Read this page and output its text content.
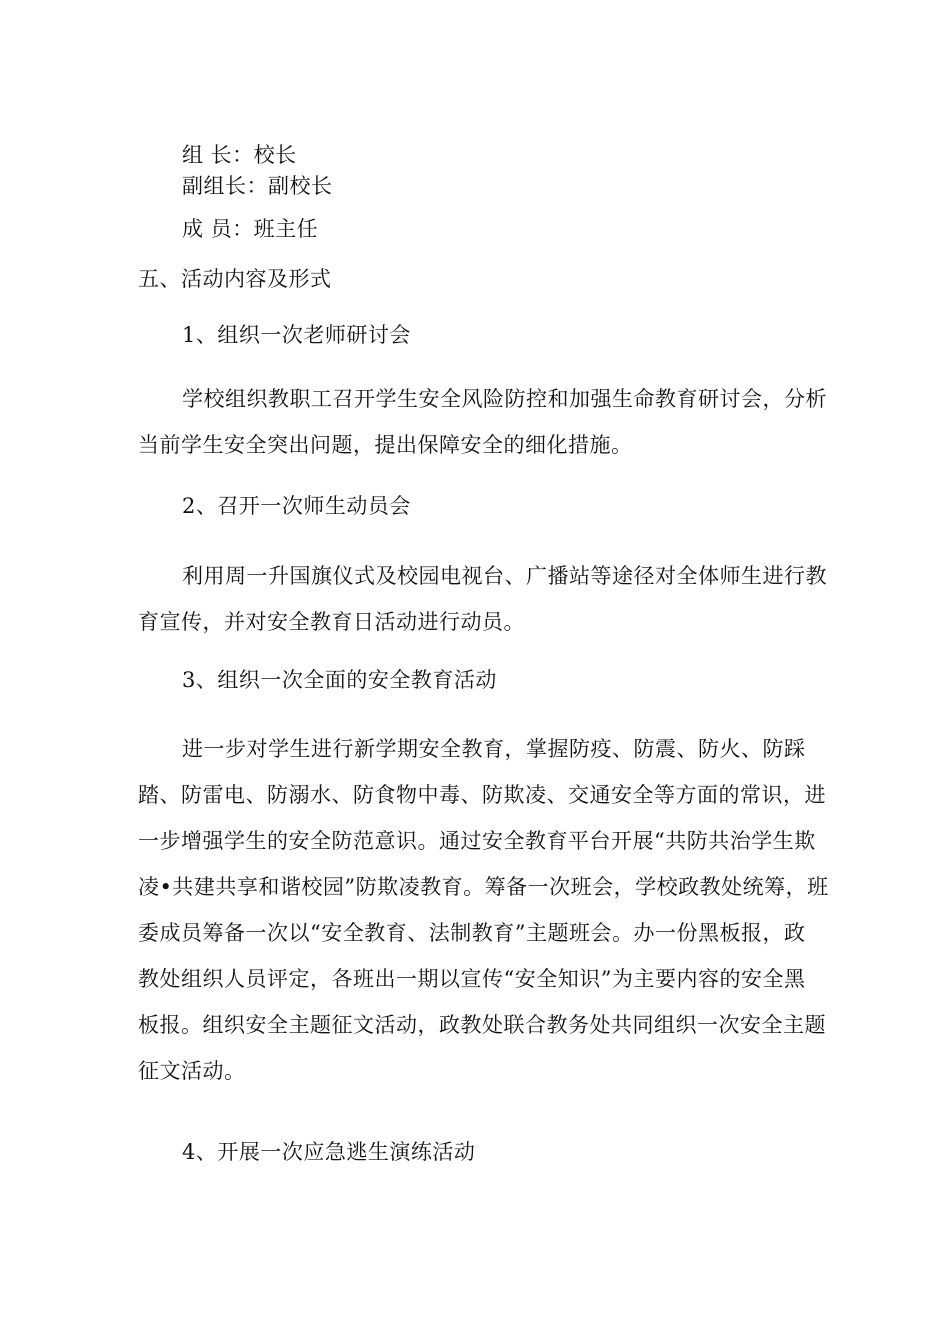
组 长：校长
副组长：副校长
成 员：班主任
五、活动内容及形式
1、组织一次老师研讨会
学校组织教职工召开学生安全风险防控和加强生命教育研讨会，分析
当前学生安全突出问题，提出保障安全的细化措施。
2、召开一次师生动员会
利用周一升国旗仪式及校园电视台、广播站等途径对全体师生进行教
育宣传，并对安全教育日活动进行动员。
3、组织一次全面的安全教育活动
进一步对学生进行新学期安全教育，掌握防疫、防震、防火、防踩
踏、防雷电、防溺水、防食物中毒、防欺凌、交通安全等方面的常识，进
一步增强学生的安全防范意识。通过安全教育平台开展“共防共治学生欺
凌•共建共享和谐校园”防欺凌教育。筹备一次班会，学校政教处统筹，班
委成员筹备一次以“安全教育、法制教育”主题班会。办一份黑板报，政
教处组织人员评定，各班出一期以宣传“安全知识”为主要内容的安全黑
板报。组织安全主题征文活动，政教处联合教务处共同组织一次安全主题
征文活动。
4、开展一次应急逃生演练活动
